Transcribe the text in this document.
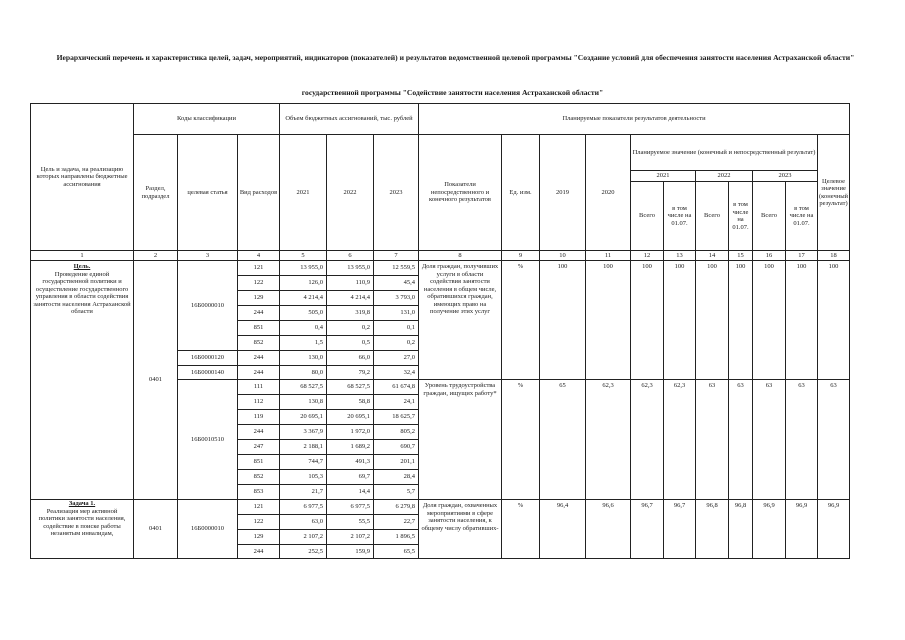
Иерархический перечень и характеристика целей, задач, мероприятий, индикаторов (показателей) и результатов ведомственной целевой программы "Создание условий для обеспечения занятости населения Астраханской области"
государственной программы "Содействие занятости населения Астраханской области"
Цель и задача, на реализацию которых направлены бюджетные ассигнования	Коды классификации			Объем бюджетных ассигнований, тыс. рублей			Планируемые показатели результатов деятельности										
	Раздел, подраздел	целевая статья	Вид расходов	2021	2022	2023	Показатели непосредственного и конечного результатов	Ед. изм.	2019	2020	Планируемое значение (конечный и непосредственный результат)						Целевое значение (конечный результат)
											2021		2022		2023		
											Всего	в том числе на 01.07.	Всего	в том числе на 01.07.	Всего	в том числе на 01.07.	
1	2	3	4	5	6	7	8	9	10	11	12	13	14	15	16	17	18

Цель.
Проведение единой государственной политики и осуществление государственного управления в области содействия занятости населения Астраханской области	0401	16Б0000010	121	13 955,0	13 955,0	12 559,5	Доля граждан, получивших услуги в области содействия занятости населения в общем числе, обратившихся граждан, имеющих право на получение этих услуг	%	100	100	100	100	100	100	100	100	100
			122	126,0	110,9	45,4											
			129	4 214,4	4 214,4	3 793,0											
			244	505,0	319,8	131,0											
			851	0,4	0,2	0,1											
			852	1,5	0,5	0,2											
		16Б0000120	244	130,0	66,0	27,0											
		16Б0000140	244	80,0	79,2	32,4											
		16Б0010510	111	68 527,5	68 527,5	61 674,8	Уровень трудоустройства граждан, ищущих работу*	%	65	62,3	62,3	62,3	63	63	63	63	63
			112	130,8	58,8	24,1											
			119	20 695,1	20 695,1	18 625,7											
			244	3 367,9	1 972,0	805,2											
			247	2 188,1	1 689,2	690,7											
			851	744,7	491,3	201,1											
			852	105,3	69,7	28,4											
			853	21,7	14,4	5,7											

Задача 1.
Реализация мер активной политики занятости населения, содействие в поиске работы незанятым инвалидам,	0401	16Б0000010	121	6 977,5	6 977,5	6 279,8	Доля граждан, охваченных мероприятиями в сфере занятости населения, к общему числу обративших-	%	96,4	96,6	96,7	96,7	96,8	96,8	96,9	96,9	96,9
			122	63,0	55,5	22,7											
			129	2 107,2	2 107,2	1 896,5											
			244	252,5	159,9	65,5											
